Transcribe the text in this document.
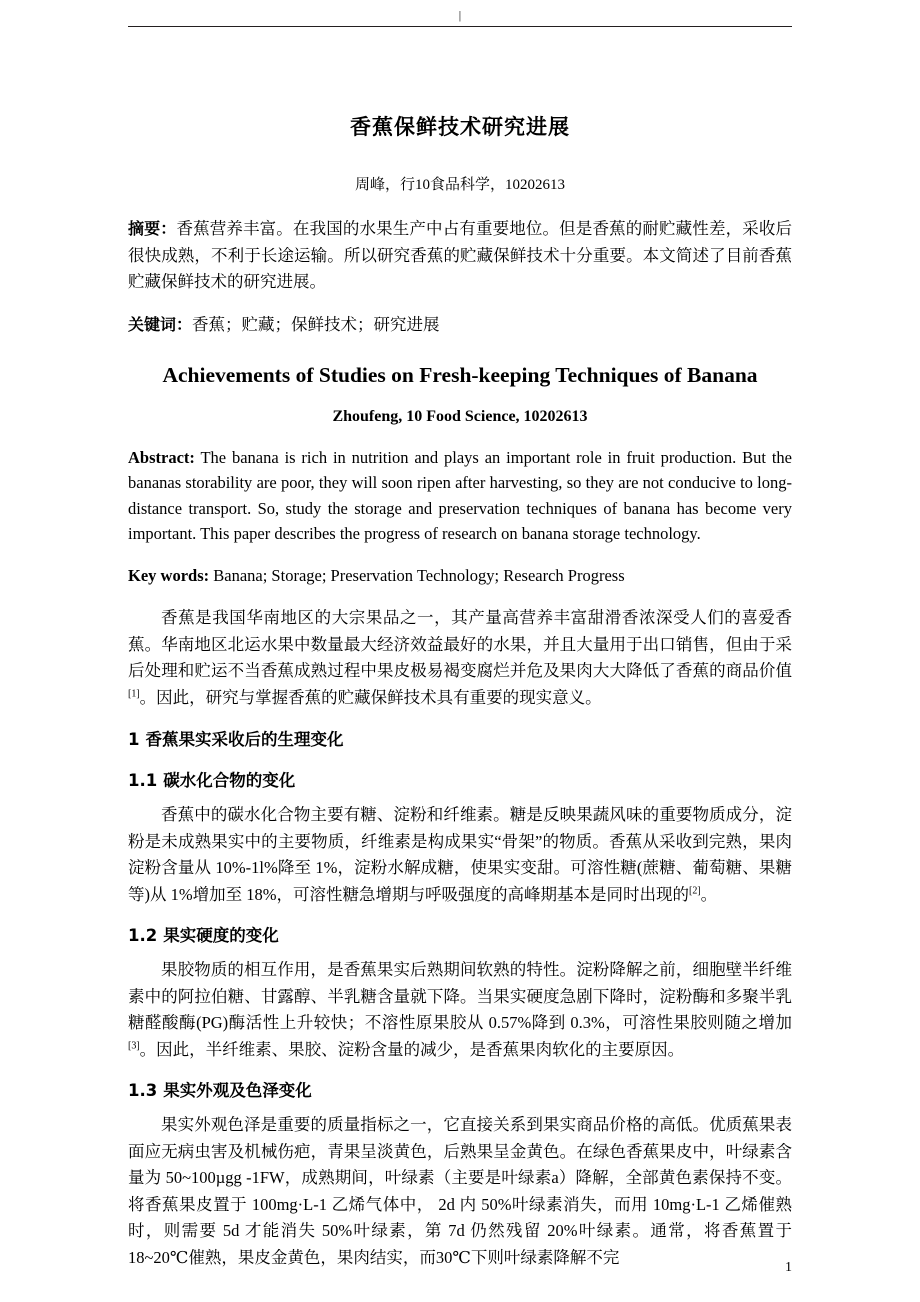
|
香蕉保鲜技术研究进展

周峰，行10食品科学，10202613

摘要：香蕉营养丰富。在我国的水果生产中占有重要地位。但是香蕉的耐贮藏性差，采收后很快成熟，不利于长途运输。所以研究香蕉的贮藏保鲜技术十分重要。本文简述了目前香蕉贮藏保鲜技术的研究进展。

关键词：香蕉；贮藏；保鲜技术；研究进展

Achievements of Studies on Fresh-keeping Techniques of Banana

Zhoufeng, 10 Food Science, 10202613

Abstract: The banana is rich in nutrition and plays an important role in fruit production. But the bananas storability are poor, they will soon ripen after harvesting, so they are not conducive to long-distance transport. So, study the storage and preservation techniques of banana has become very important. This paper describes the progress of research on banana storage technology.

Key words: Banana; Storage; Preservation Technology; Research Progress

香蕉是我国华南地区的大宗果品之一，其产量高营养丰富甜滑香浓深受人们的喜爱香蕉。华南地区北运水果中数量最大经济效益最好的水果，并且大量用于出口销售，但由于采后处理和贮运不当香蕉成熟过程中果皮极易褐变腐烂并危及果肉大大降低了香蕉的商品价值[1]。因此，研究与掌握香蕉的贮藏保鲜技术具有重要的现实意义。

1 香蕉果实采收后的生理变化
1.1 碳水化合物的变化

香蕉中的碳水化合物主要有糖、淀粉和纤维素。糖是反映果蔬风味的重要物质成分，淀粉是未成熟果实中的主要物质，纤维素是构成果实“骨架”的物质。香蕉从采收到完熟，果肉淀粉含量从 10%-1l%降至 1%，淀粉水解成糖，使果实变甜。可溶性糖(蔗糖、葡萄糖、果糖等)从 1%增加至 18%，可溶性糖急增期与呼吸强度的高峰期基本是同时出现的[2]。

1.2 果实硬度的变化

果胶物质的相互作用，是香蕉果实后熟期间软熟的特性。淀粉降解之前，细胞壁半纤维素中的阿拉伯糖、甘露醇、半乳糖含量就下降。当果实硬度急剧下降时，淀粉酶和多聚半乳糖醛酸酶(PG)酶活性上升较快；不溶性原果胶从 0.57%降到 0.3%，可溶性果胶则随之增加[3]。因此，半纤维素、果胶、淀粉含量的减少，是香蕉果肉软化的主要原因。

1.3 果实外观及色泽变化

果实外观色泽是重要的质量指标之一，它直接关系到果实商品价格的高低。优质蕉果表面应无病虫害及机械伤疤，青果呈淡黄色，后熟果呈金黄色。在绿色香蕉果皮中，叶绿素含量为 50~100µgg -1FW，成熟期间，叶绿素（主要是叶绿素a）降解，全部黄色素保持不变。将香蕉果皮置于 100mg·L-1 乙烯气体中， 2d 内 50%叶绿素消失，而用 10mg·L-1 乙烯催熟时，则需要 5d 才能消失 50%叶绿素，第 7d 仍然残留 20%叶绿素。通常，将香蕉置于 18~20℃催熟，果皮金黄色，果肉结实，而30℃下则叶绿素降解不完

1
